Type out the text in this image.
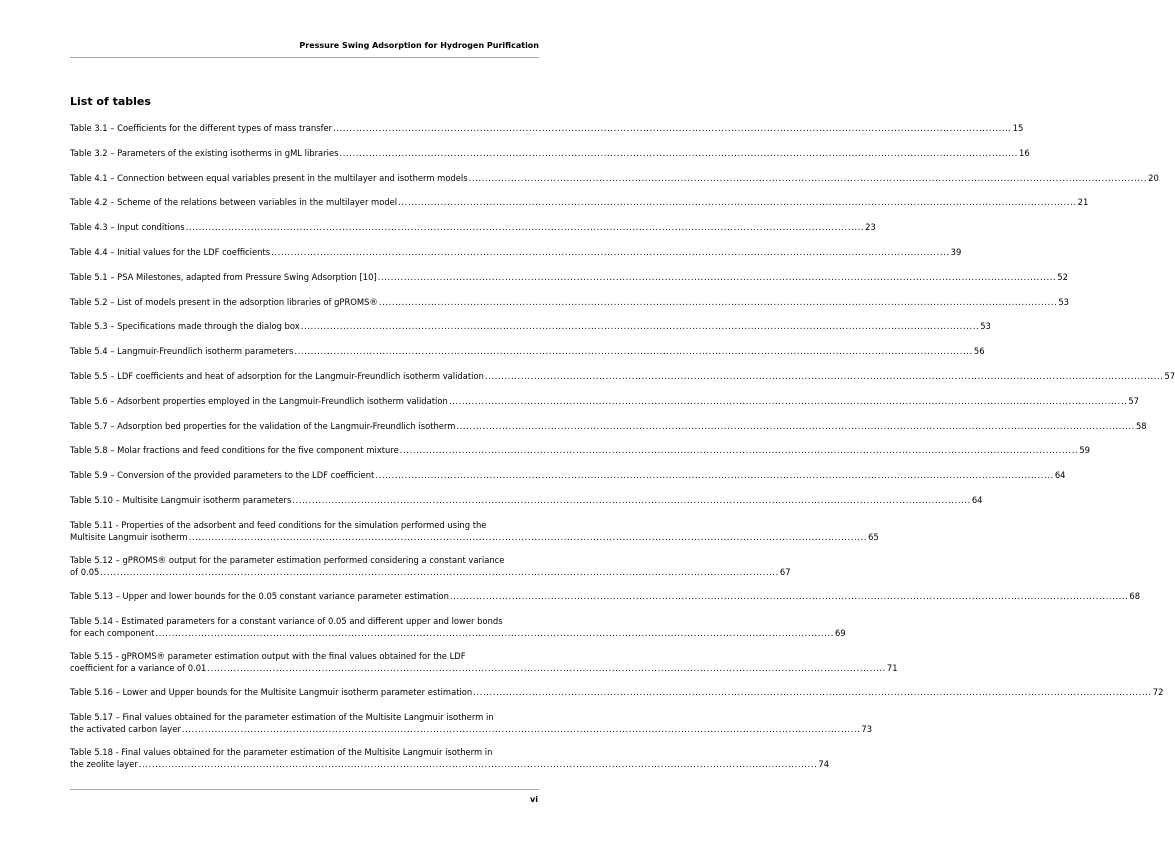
Pressure Swing Adsorption for Hydrogen Purification
List of tables
Table 3.1 – Coefficients for the different types of mass transfer .....	15
Table 3.2 – Parameters of the existing isotherms in gML libraries .....	16
Table 4.1 – Connection between equal variables present in the multilayer and isotherm models .....	20
Table 4.2 – Scheme of the relations between variables in the multilayer model .....	21
Table 4.3 – Input conditions .....	23
Table 4.4 – Initial values for the LDF coefficients .....	39
Table 5.1 – PSA Milestones, adapted from Pressure Swing Adsorption [10] .....	52
Table 5.2 – List of models present in the adsorption libraries of gPROMS® .....	53
Table 5.3 – Specifications made through the dialog box .....	53
Table 5.4 – Langmuir-Freundlich isotherm parameters .....	56
Table 5.5 – LDF coefficients and heat of adsorption for the Langmuir-Freundlich isotherm validation .....	57
Table 5.6 – Adsorbent properties employed in the Langmuir-Freundlich isotherm validation .....	57
Table 5.7 – Adsorption bed properties for the validation of the Langmuir-Freundlich isotherm .....	58
Table 5.8 – Molar fractions and feed conditions for the five component mixture .....	59
Table 5.9 – Conversion of the provided parameters to the LDF coefficient .....	64
Table 5.10 – Multisite Langmuir isotherm parameters .....	64
Table 5.11 - Properties of the adsorbent and feed conditions for the simulation performed using the
Multisite Langmuir isotherm .....	65
Table 5.12 – gPROMS® output for the parameter estimation performed considering a constant variance
of 0.05 .....	67
Table 5.13 – Upper and lower bounds for the 0.05 constant variance parameter estimation .....	68
Table 5.14 - Estimated parameters for a constant variance of 0.05 and different upper and lower bonds
for each component .....	69
Table 5.15 - gPROMS® parameter estimation output with the final values obtained for the LDF
coefficient for a variance of 0.01 .....	71
Table 5.16 – Lower and Upper bounds for the Multisite Langmuir isotherm parameter estimation .....	72
Table 5.17 – Final values obtained for the parameter estimation of the Multisite Langmuir isotherm in
the activated carbon layer .....	73
Table 5.18 - Final values obtained for the parameter estimation of the Multisite Langmuir isotherm in
the zeolite layer .....	74
vi
